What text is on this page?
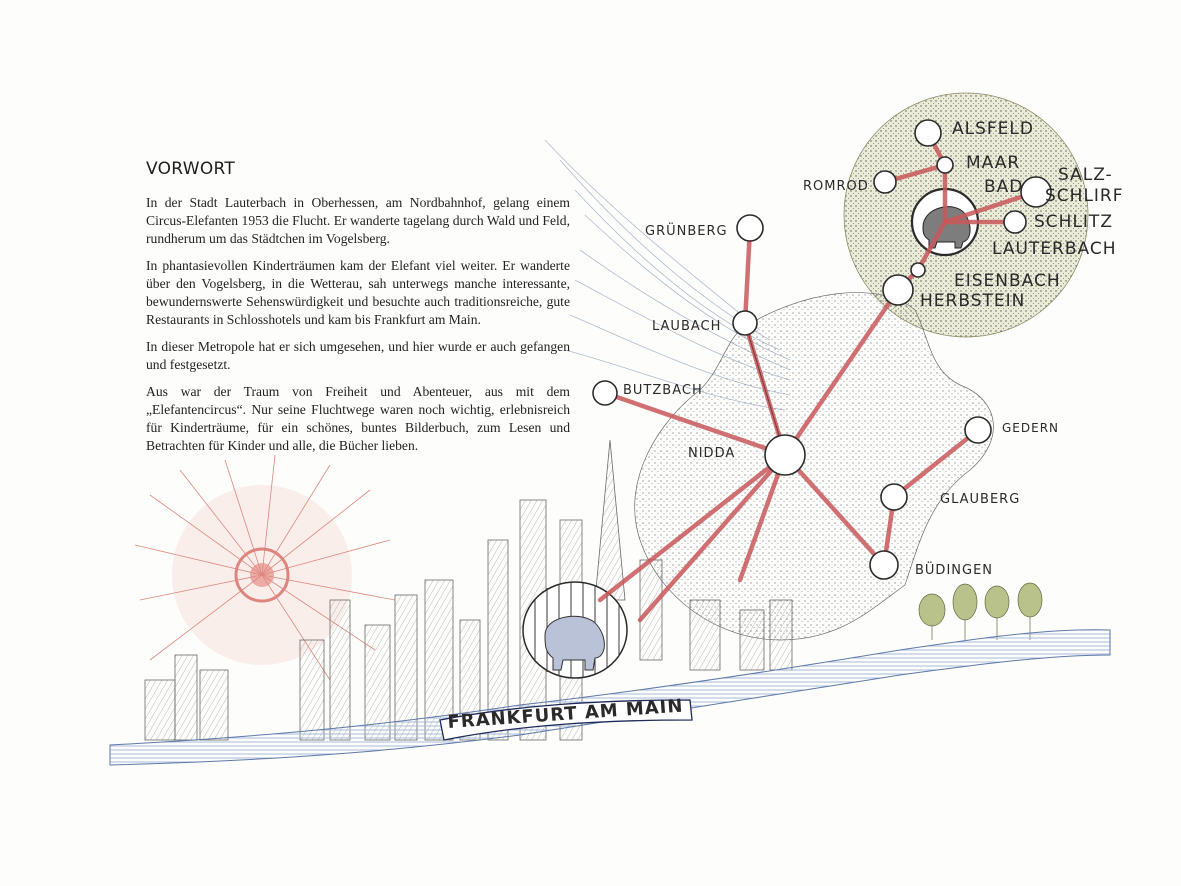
FRANKFURT AM MAIN
ALSFELD
MAAR
ROMROD	BAD
SALZ-
SCHLIRF
SCHLITZ
LAUTERBACH
EISENBACH
HERBSTEIN
GRÜNBERG
LAUBACH
BUTZBACH
NIDDA
GEDERN
GLAUBERG
BÜDINGEN
VORWORT

In der Stadt Lauterbach in Oberhessen, am Nordbahnhof, gelang einem Circus-Elefanten 1953 die Flucht. Er wanderte tagelang durch Wald und Feld, rundherum um das Städtchen im Vogelsberg.

In phantasievollen Kinderträumen kam der Elefant viel weiter. Er wanderte über den Vogelsberg, in die Wetterau, sah unterwegs manche interessante, bewundernswerte Sehenswürdigkeit und besuchte auch traditionsreiche, gute Restaurants in Schlosshotels und kam bis Frankfurt am Main.

In dieser Metropole hat er sich umgesehen, und hier wurde er auch gefangen und festgesetzt.

Aus war der Traum von Freiheit und Abenteuer, aus mit dem „Elefantencircus“. Nur seine Fluchtwege waren noch wichtig, erlebnisreich für Kinderträume, für ein schönes, buntes Bilderbuch, zum Lesen und Betrachten für Kinder und alle, die Bücher lieben.
